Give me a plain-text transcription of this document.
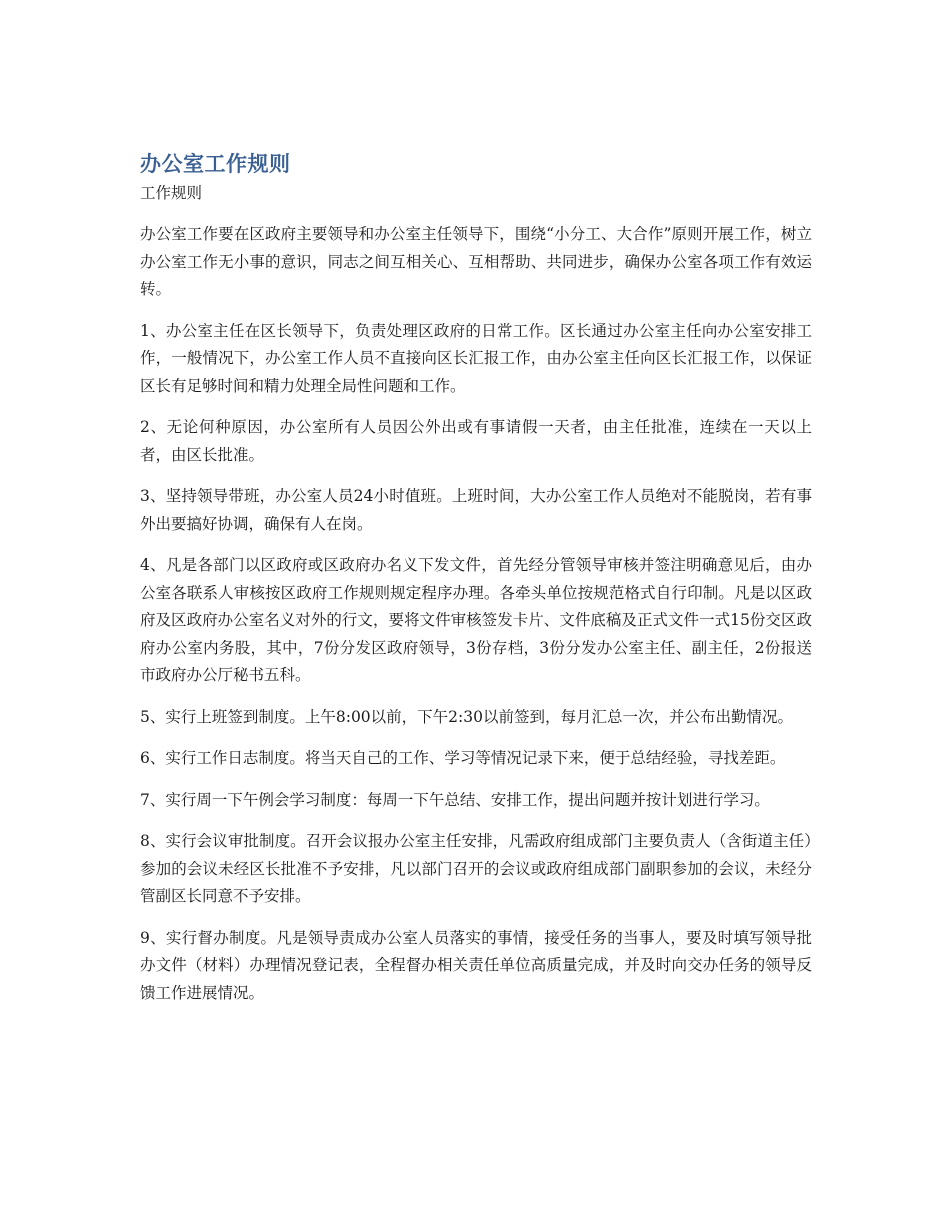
办公室工作规则
工作规则

办公室工作要在区政府主要领导和办公室主任领导下，围绕“小分工、大合作”原则开展工作，树立办公室工作无小事的意识，同志之间互相关心、互相帮助、共同进步，确保办公室各项工作有效运转。

1、办公室主任在区长领导下，负责处理区政府的日常工作。区长通过办公室主任向办公室安排工作，一般情况下，办公室工作人员不直接向区长汇报工作，由办公室主任向区长汇报工作，以保证区长有足够时间和精力处理全局性问题和工作。

2、无论何种原因，办公室所有人员因公外出或有事请假一天者，由主任批准，连续在一天以上者，由区长批准。

3、坚持领导带班，办公室人员24小时值班。上班时间，大办公室工作人员绝对不能脱岗，若有事外出要搞好协调，确保有人在岗。

4、凡是各部门以区政府或区政府办名义下发文件，首先经分管领导审核并签注明确意见后，由办公室各联系人审核按区政府工作规则规定程序办理。各牵头单位按规范格式自行印制。凡是以区政府及区政府办公室名义对外的行文，要将文件审核签发卡片、文件底稿及正式文件一式15份交区政府办公室内务股，其中，7份分发区政府领导，3份存档，3份分发办公室主任、副主任，2份报送市政府办公厅秘书五科。

5、实行上班签到制度。上午8:00以前，下午2:30以前签到，每月汇总一次，并公布出勤情况。

6、实行工作日志制度。将当天自己的工作、学习等情况记录下来，便于总结经验，寻找差距。

7、实行周一下午例会学习制度：每周一下午总结、安排工作，提出问题并按计划进行学习。

8、实行会议审批制度。召开会议报办公室主任安排，凡需政府组成部门主要负责人（含街道主任）参加的会议未经区长批准不予安排，凡以部门召开的会议或政府组成部门副职参加的会议，未经分管副区长同意不予安排。

9、实行督办制度。凡是领导责成办公室人员落实的事情，接受任务的当事人，要及时填写领导批办文件（材料）办理情况登记表，全程督办相关责任单位高质量完成，并及时向交办任务的领导反馈工作进展情况。
